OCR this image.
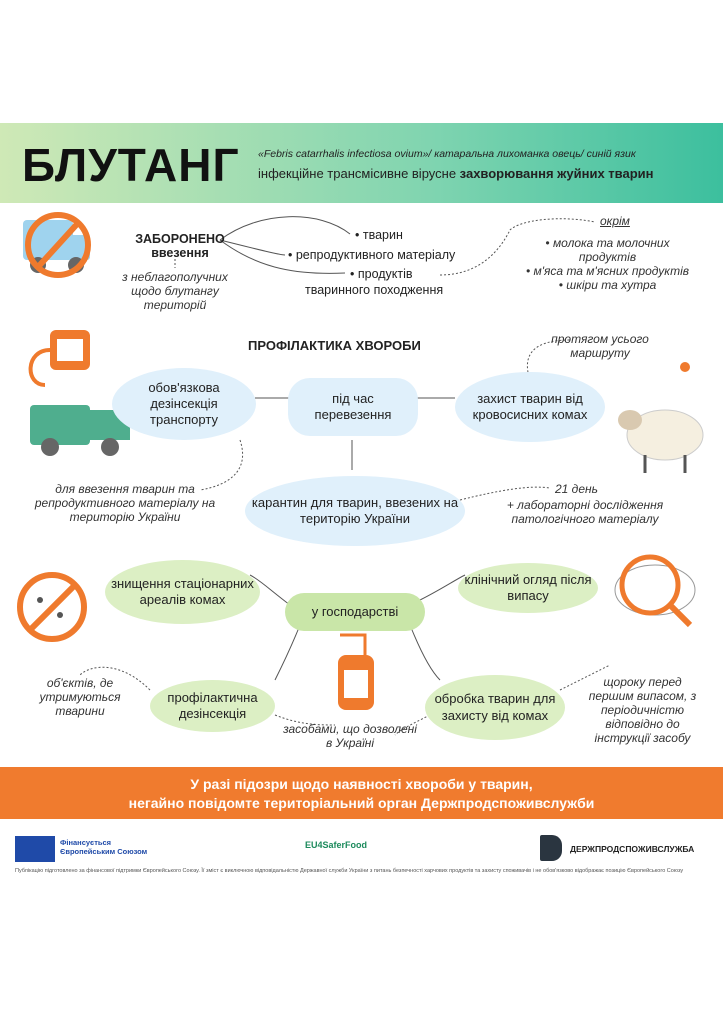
БЛУТАНГ «Febris catarrhalis infectiosa ovium»/ катаральна лихоманка овець/ синій язик
інфекційне трансмісивне вірусне захворювання жуйних тварин
ЗАБОРОНЕНО
ввезення
з неблагополучних щодо блутангу територій
• тварин
• репродуктивного матеріалу
• продуктів
тваринного походження
окрім
• молока та молочних продуктів
• м'яса та м'ясних продуктів
• шкіри та хутра
ПРОФІЛАКТИКА ХВОРОБИ
обов'язкова дезінсекція транспорту
під час перевезення
захист тварин від кровосисних комах
протягом усього маршруту
для ввезення тварин та репродуктивного матеріалу на територію України
карантин для тварин, ввезених на територію України
21 день
+ лабораторні дослідження патологічного матеріалу
знищення стаціонарних ареалів комах
у господарстві
клінічний огляд після випасу
об'єктів, де утримуються тварини
профілактична дезінсекція
засобами, що дозволені в Україні
обробка тварин для захисту від комах
щороку перед першим випасом, з періодичністю відповідно до інструкції засобу
У разі підозри щодо наявності хвороби у тварин,
негайно повідомте територіальний орган Держпродспоживслужби
Фінансується Європейським Союзом
EU4SaferFood	ДЕРЖПРОДСПОЖИВСЛУЖБА
Публікацію підготовлено за фінансової підтримки Європейського Союзу. Її зміст є виключною відповідальністю Державної служби України з питань безпечності харчових продуктів та захисту споживачів і не обов'язково відображає позицію Європейського Союзу
